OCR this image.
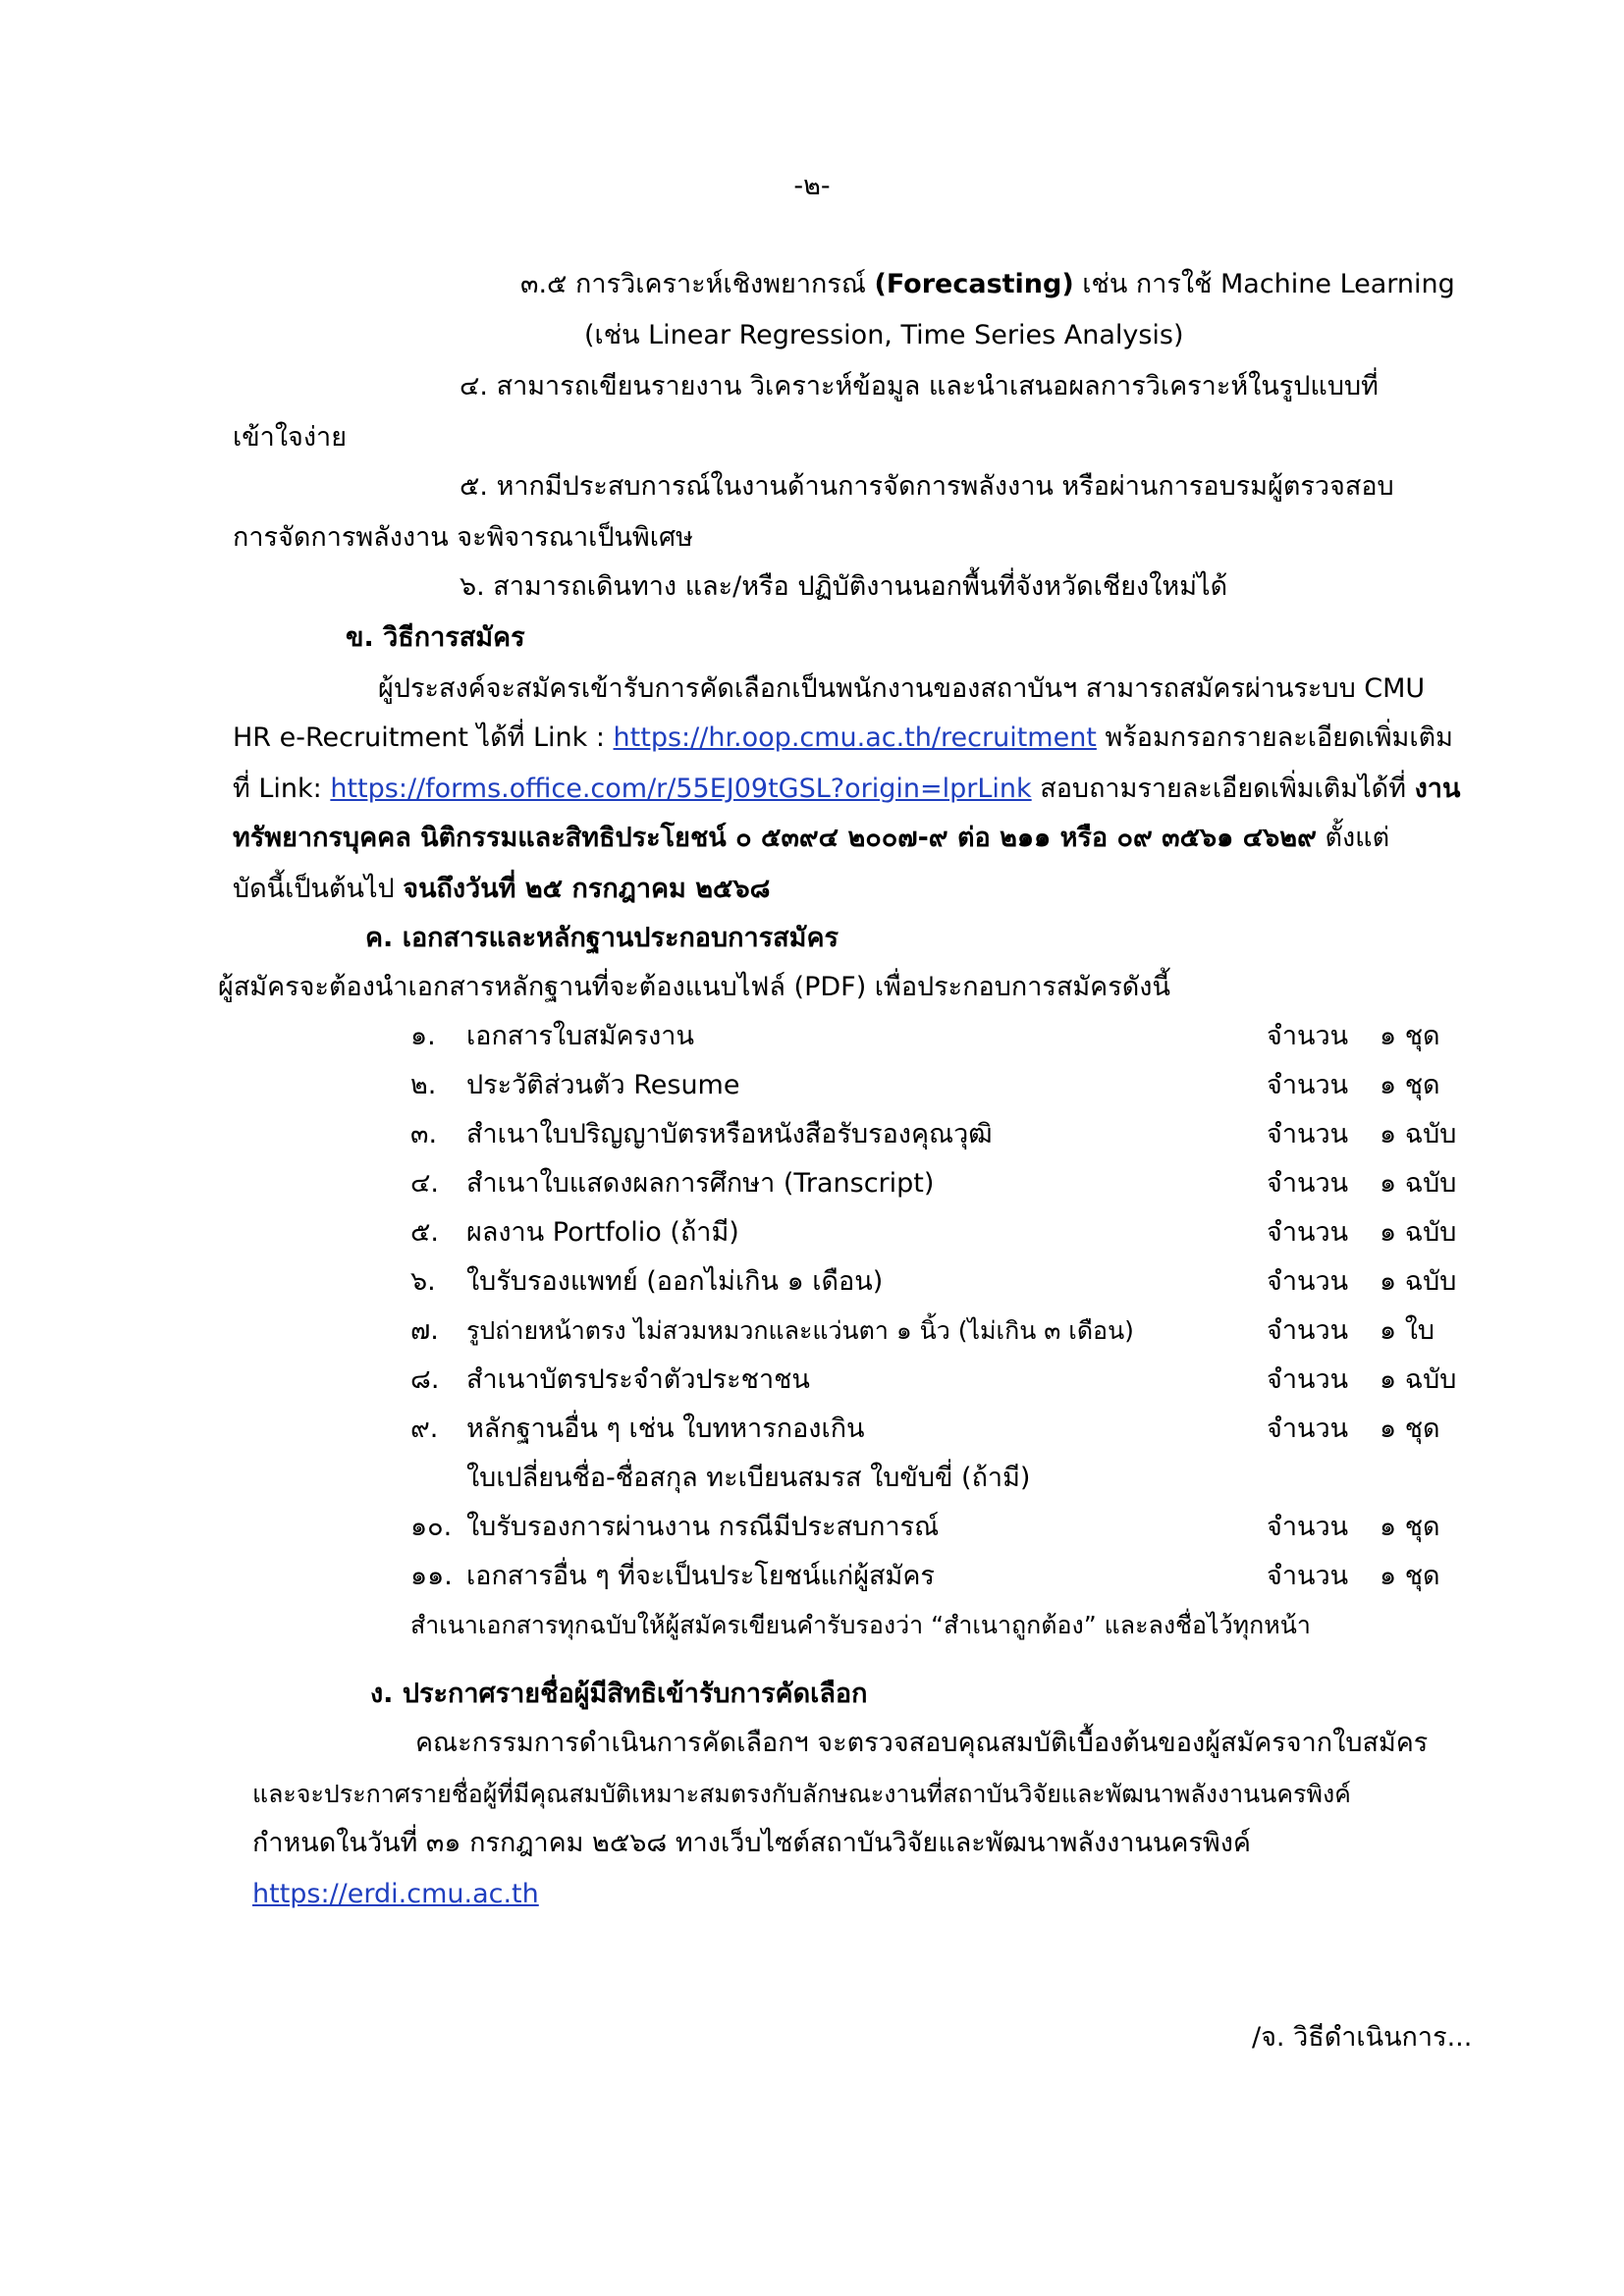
-๒-
๓.๕ การวิเคราะห์เชิงพยากรณ์ (Forecasting) เช่น การใช้ Machine Learning
(เช่น Linear Regression, Time Series Analysis)
๔. สามารถเขียนรายงาน วิเคราะห์ข้อมูล และนำเสนอผลการวิเคราะห์ในรูปแบบที่
เข้าใจง่าย
๕. หากมีประสบการณ์ในงานด้านการจัดการพลังงาน หรือผ่านการอบรมผู้ตรวจสอบ
การจัดการพลังงาน จะพิจารณาเป็นพิเศษ
๖. สามารถเดินทาง และ/หรือ ปฏิบัติงานนอกพื้นที่จังหวัดเชียงใหม่ได้
ข. วิธีการสมัคร
ผู้ประสงค์จะสมัครเข้ารับการคัดเลือกเป็นพนักงานของสถาบันฯ สามารถสมัครผ่านระบบ CMU
HR e-Recruitment ได้ที่ Link : https://hr.oop.cmu.ac.th/recruitment พร้อมกรอกรายละเอียดเพิ่มเติม
ที่ Link: https://forms.office.com/r/55EJ09tGSL?origin=lprLink สอบถามรายละเอียดเพิ่มเติมได้ที่ งาน
ทรัพยากรบุคคล นิติกรรมและสิทธิประโยชน์ ๐ ๕๓๙๔ ๒๐๐๗-๙ ต่อ ๒๑๑ หรือ ๐๙ ๓๕๖๑ ๔๖๒๙ ตั้งแต่
บัดนี้เป็นต้นไป จนถึงวันที่ ๒๕ กรกฎาคม ๒๕๖๘
ค. เอกสารและหลักฐานประกอบการสมัคร
ผู้สมัครจะต้องนำเอกสารหลักฐานที่จะต้องแนบไฟล์ (PDF) เพื่อประกอบการสมัครดังนี้
๑. เอกสารใบสมัครงาน	จำนวน ๑ ชุด
๒. ประวัติส่วนตัว Resume	จำนวน ๑ ชุด
๓. สำเนาใบปริญญาบัตรหรือหนังสือรับรองคุณวุฒิ	จำนวน ๑ ฉบับ
๔. สำเนาใบแสดงผลการศึกษา (Transcript)	จำนวน ๑ ฉบับ
๕. ผลงาน Portfolio (ถ้ามี)	จำนวน ๑ ฉบับ
๖. ใบรับรองแพทย์ (ออกไม่เกิน ๑ เดือน)	จำนวน ๑ ฉบับ
๗. รูปถ่ายหน้าตรง ไม่สวมหมวกและแว่นตา ๑ นิ้ว (ไม่เกิน ๓ เดือน)	จำนวน ๑ ใบ
๘. สำเนาบัตรประจำตัวประชาชน	จำนวน ๑ ฉบับ
๙. หลักฐานอื่น ๆ เช่น ใบทหารกองเกิน	จำนวน ๑ ชุด
ใบเปลี่ยนชื่อ-ชื่อสกุล ทะเบียนสมรส ใบขับขี่ (ถ้ามี)
๑๐. ใบรับรองการผ่านงาน กรณีมีประสบการณ์	จำนวน ๑ ชุด
๑๑. เอกสารอื่น ๆ ที่จะเป็นประโยชน์แก่ผู้สมัคร	จำนวน ๑ ชุด
สำเนาเอกสารทุกฉบับให้ผู้สมัครเขียนคำรับรองว่า “สำเนาถูกต้อง” และลงชื่อไว้ทุกหน้า
ง. ประกาศรายชื่อผู้มีสิทธิเข้ารับการคัดเลือก
คณะกรรมการดำเนินการคัดเลือกฯ จะตรวจสอบคุณสมบัติเบื้องต้นของผู้สมัครจากใบสมัคร
และจะประกาศรายชื่อผู้ที่มีคุณสมบัติเหมาะสมตรงกับลักษณะงานที่สถาบันวิจัยและพัฒนาพลังงานนครพิงค์
กำหนดในวันที่ ๓๑ กรกฎาคม ๒๕๖๘ ทางเว็บไซต์สถาบันวิจัยและพัฒนาพลังงานนครพิงค์
https://erdi.cmu.ac.th
/จ. วิธีดำเนินการ...
